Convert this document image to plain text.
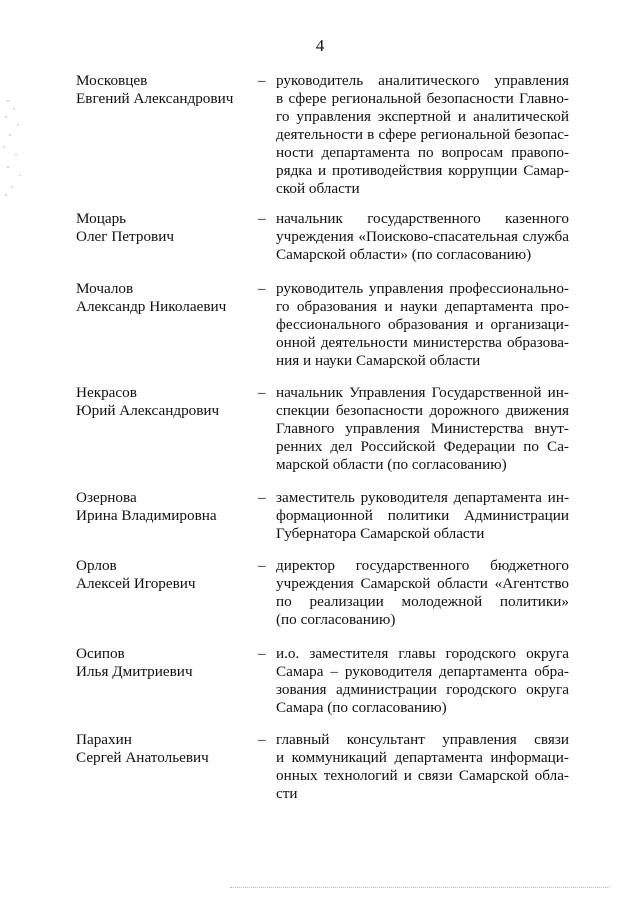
4
Московцев
Евгений Александрович
– руководитель аналитического управления
в сфере региональной безопасности Главно-
го управления экспертной и аналитической
деятельности в сфере региональной безопас-
ности департамента по вопросам правопо-
рядка и противодействия коррупции Самар-
ской области
Моцарь
Олег Петрович
– начальник государственного казенного
учреждения «Поисково-спасательная служба
Самарской области» (по согласованию)
Мочалов
Александр Николаевич
– руководитель управления профессионально-
го образования и науки департамента про-
фессионального образования и организаци-
онной деятельности министерства образова-
ния и науки Самарской области
Некрасов
Юрий Александрович
– начальник Управления Государственной ин-
спекции безопасности дорожного движения
Главного управления Министерства внут-
ренних дел Российской Федерации по Са-
марской области (по согласованию)
Озернова
Ирина Владимировна
– заместитель руководителя департамента ин-
формационной политики Администрации
Губернатора Самарской области
Орлов
Алексей Игоревич
– директор государственного бюджетного
учреждения Самарской области «Агентство
по реализации молодежной политики»
(по согласованию)
Осипов
Илья Дмитриевич
– и.о. заместителя главы городского округа
Самара – руководителя департамента обра-
зования администрации городского округа
Самара (по согласованию)
Парахин
Сергей Анатольевич
– главный консультант управления связи
и коммуникаций департамента информаци-
онных технологий и связи Самарской обла-
сти
